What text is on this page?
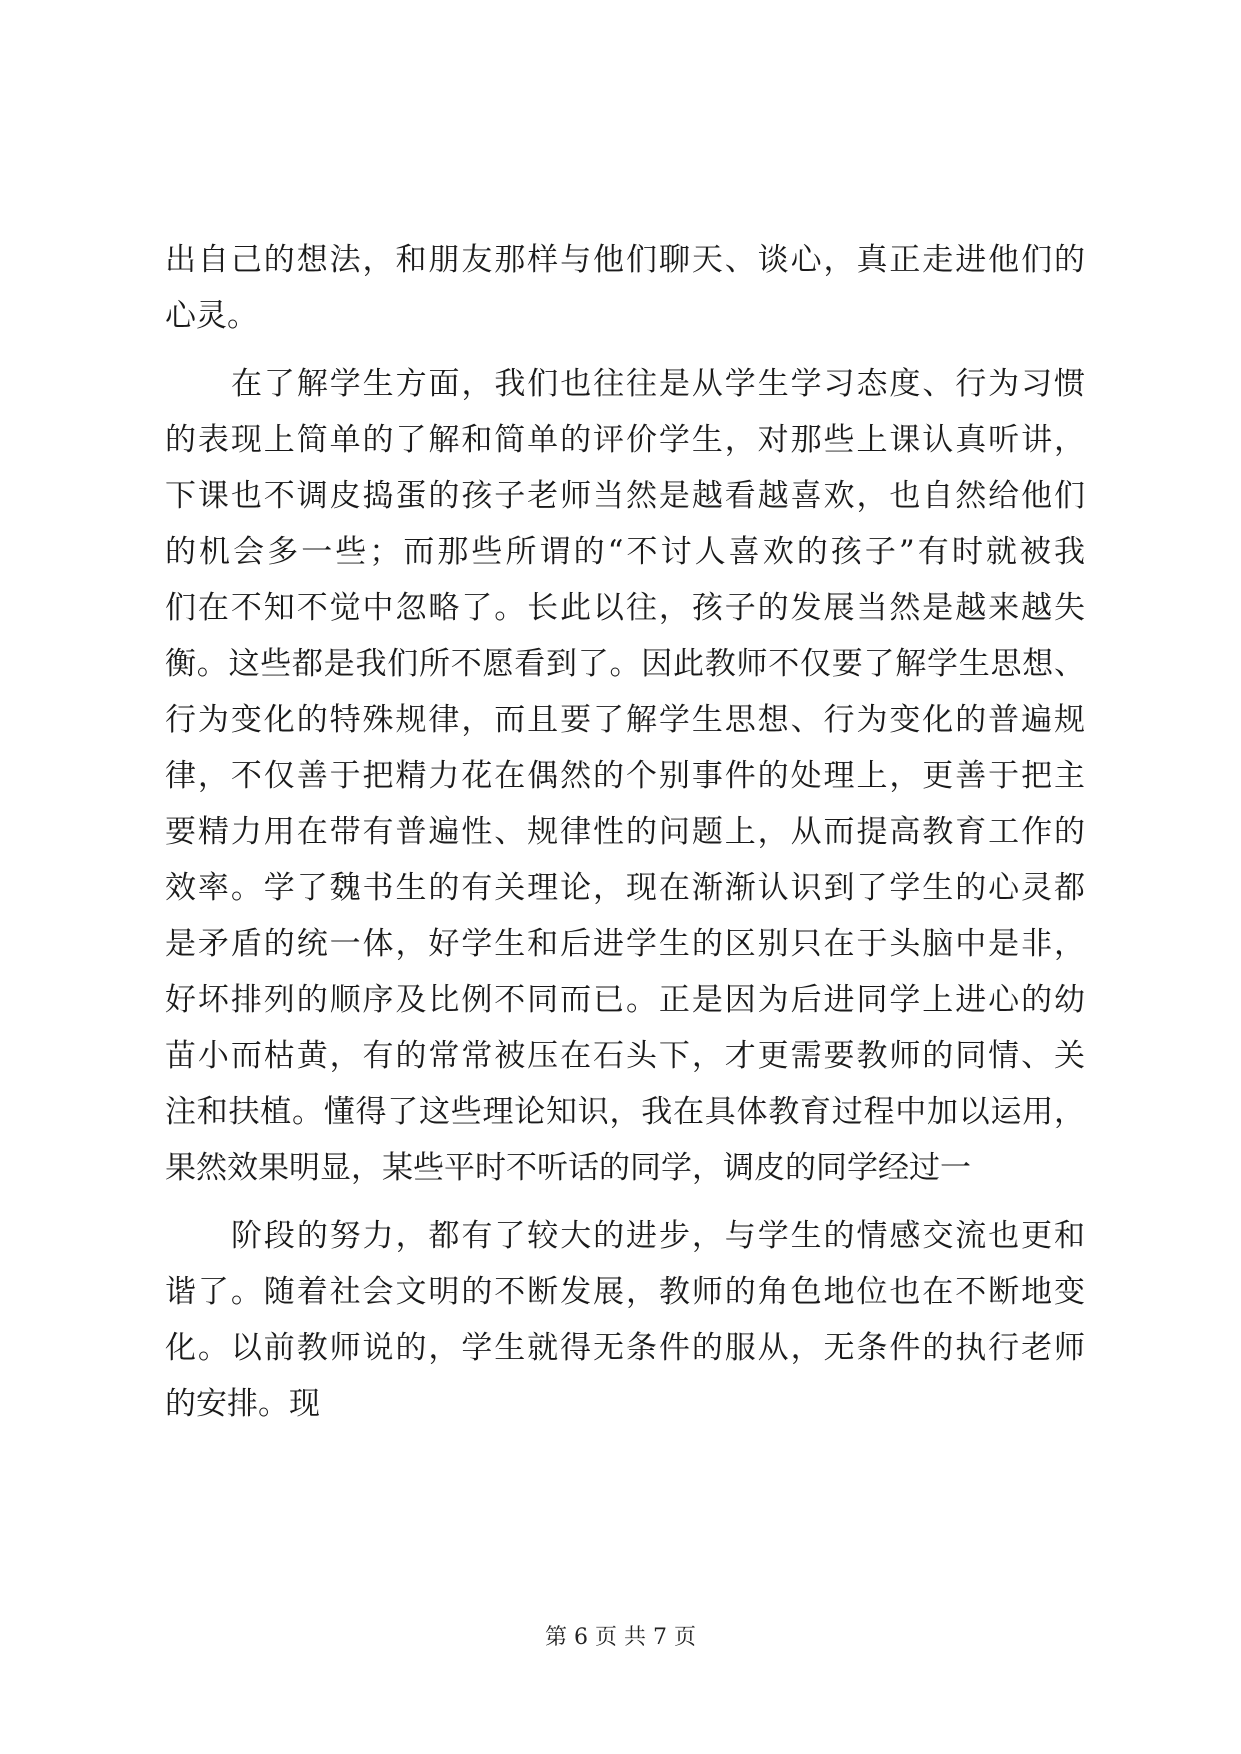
出自己的想法，和朋友那样与他们聊天、谈心，真正走进他们的
心灵。
在了解学生方面，我们也往往是从学生学习态度、行为习惯
的表现上简单的了解和简单的评价学生，对那些上课认真听讲，
下课也不调皮捣蛋的孩子老师当然是越看越喜欢，也自然给他们
的机会多一些；而那些所谓的“不讨人喜欢的孩子”有时就被我
们在不知不觉中忽略了。长此以往，孩子的发展当然是越来越失
衡。这些都是我们所不愿看到了。因此教师不仅要了解学生思想、
行为变化的特殊规律，而且要了解学生思想、行为变化的普遍规
律，不仅善于把精力花在偶然的个别事件的处理上，更善于把主
要精力用在带有普遍性、规律性的问题上，从而提高教育工作的
效率。学了魏书生的有关理论，现在渐渐认识到了学生的心灵都
是矛盾的统一体，好学生和后进学生的区别只在于头脑中是非，
好坏排列的顺序及比例不同而已。正是因为后进同学上进心的幼
苗小而枯黄，有的常常被压在石头下，才更需要教师的同情、关
注和扶植。懂得了这些理论知识，我在具体教育过程中加以运用，
果然效果明显，某些平时不听话的同学，调皮的同学经过一
阶段的努力，都有了较大的进步，与学生的情感交流也更和
谐了。随着社会文明的不断发展，教师的角色地位也在不断地变
化。以前教师说的，学生就得无条件的服从，无条件的执行老师
的安排。现
第 6 页 共 7 页
